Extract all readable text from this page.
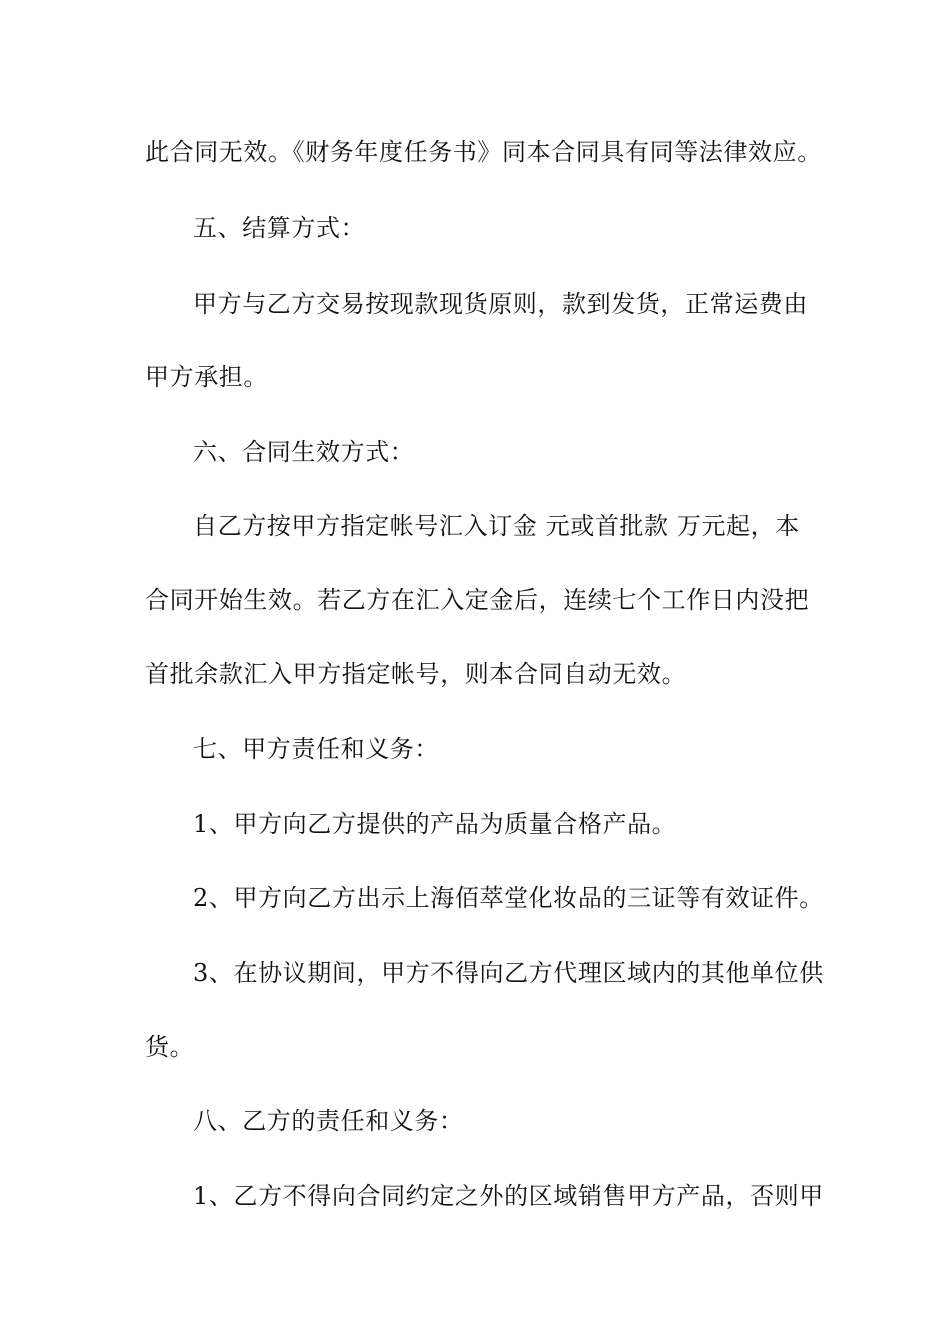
此合同无效。《财务年度任务书》同本合同具有同等法律效应。
五、结算方式：
甲方与乙方交易按现款现货原则，款到发货，正常运费由
甲方承担。
六、合同生效方式：
自乙方按甲方指定帐号汇入订金 元或首批款 万元起，本
合同开始生效。若乙方在汇入定金后，连续七个工作日内没把
首批余款汇入甲方指定帐号，则本合同自动无效。
七、甲方责任和义务：
1、甲方向乙方提供的产品为质量合格产品。
2、甲方向乙方出示上海佰萃堂化妆品的三证等有效证件。
3、在协议期间，甲方不得向乙方代理区域内的其他单位供
货。
八、乙方的责任和义务：
1、乙方不得向合同约定之外的区域销售甲方产品，否则甲
